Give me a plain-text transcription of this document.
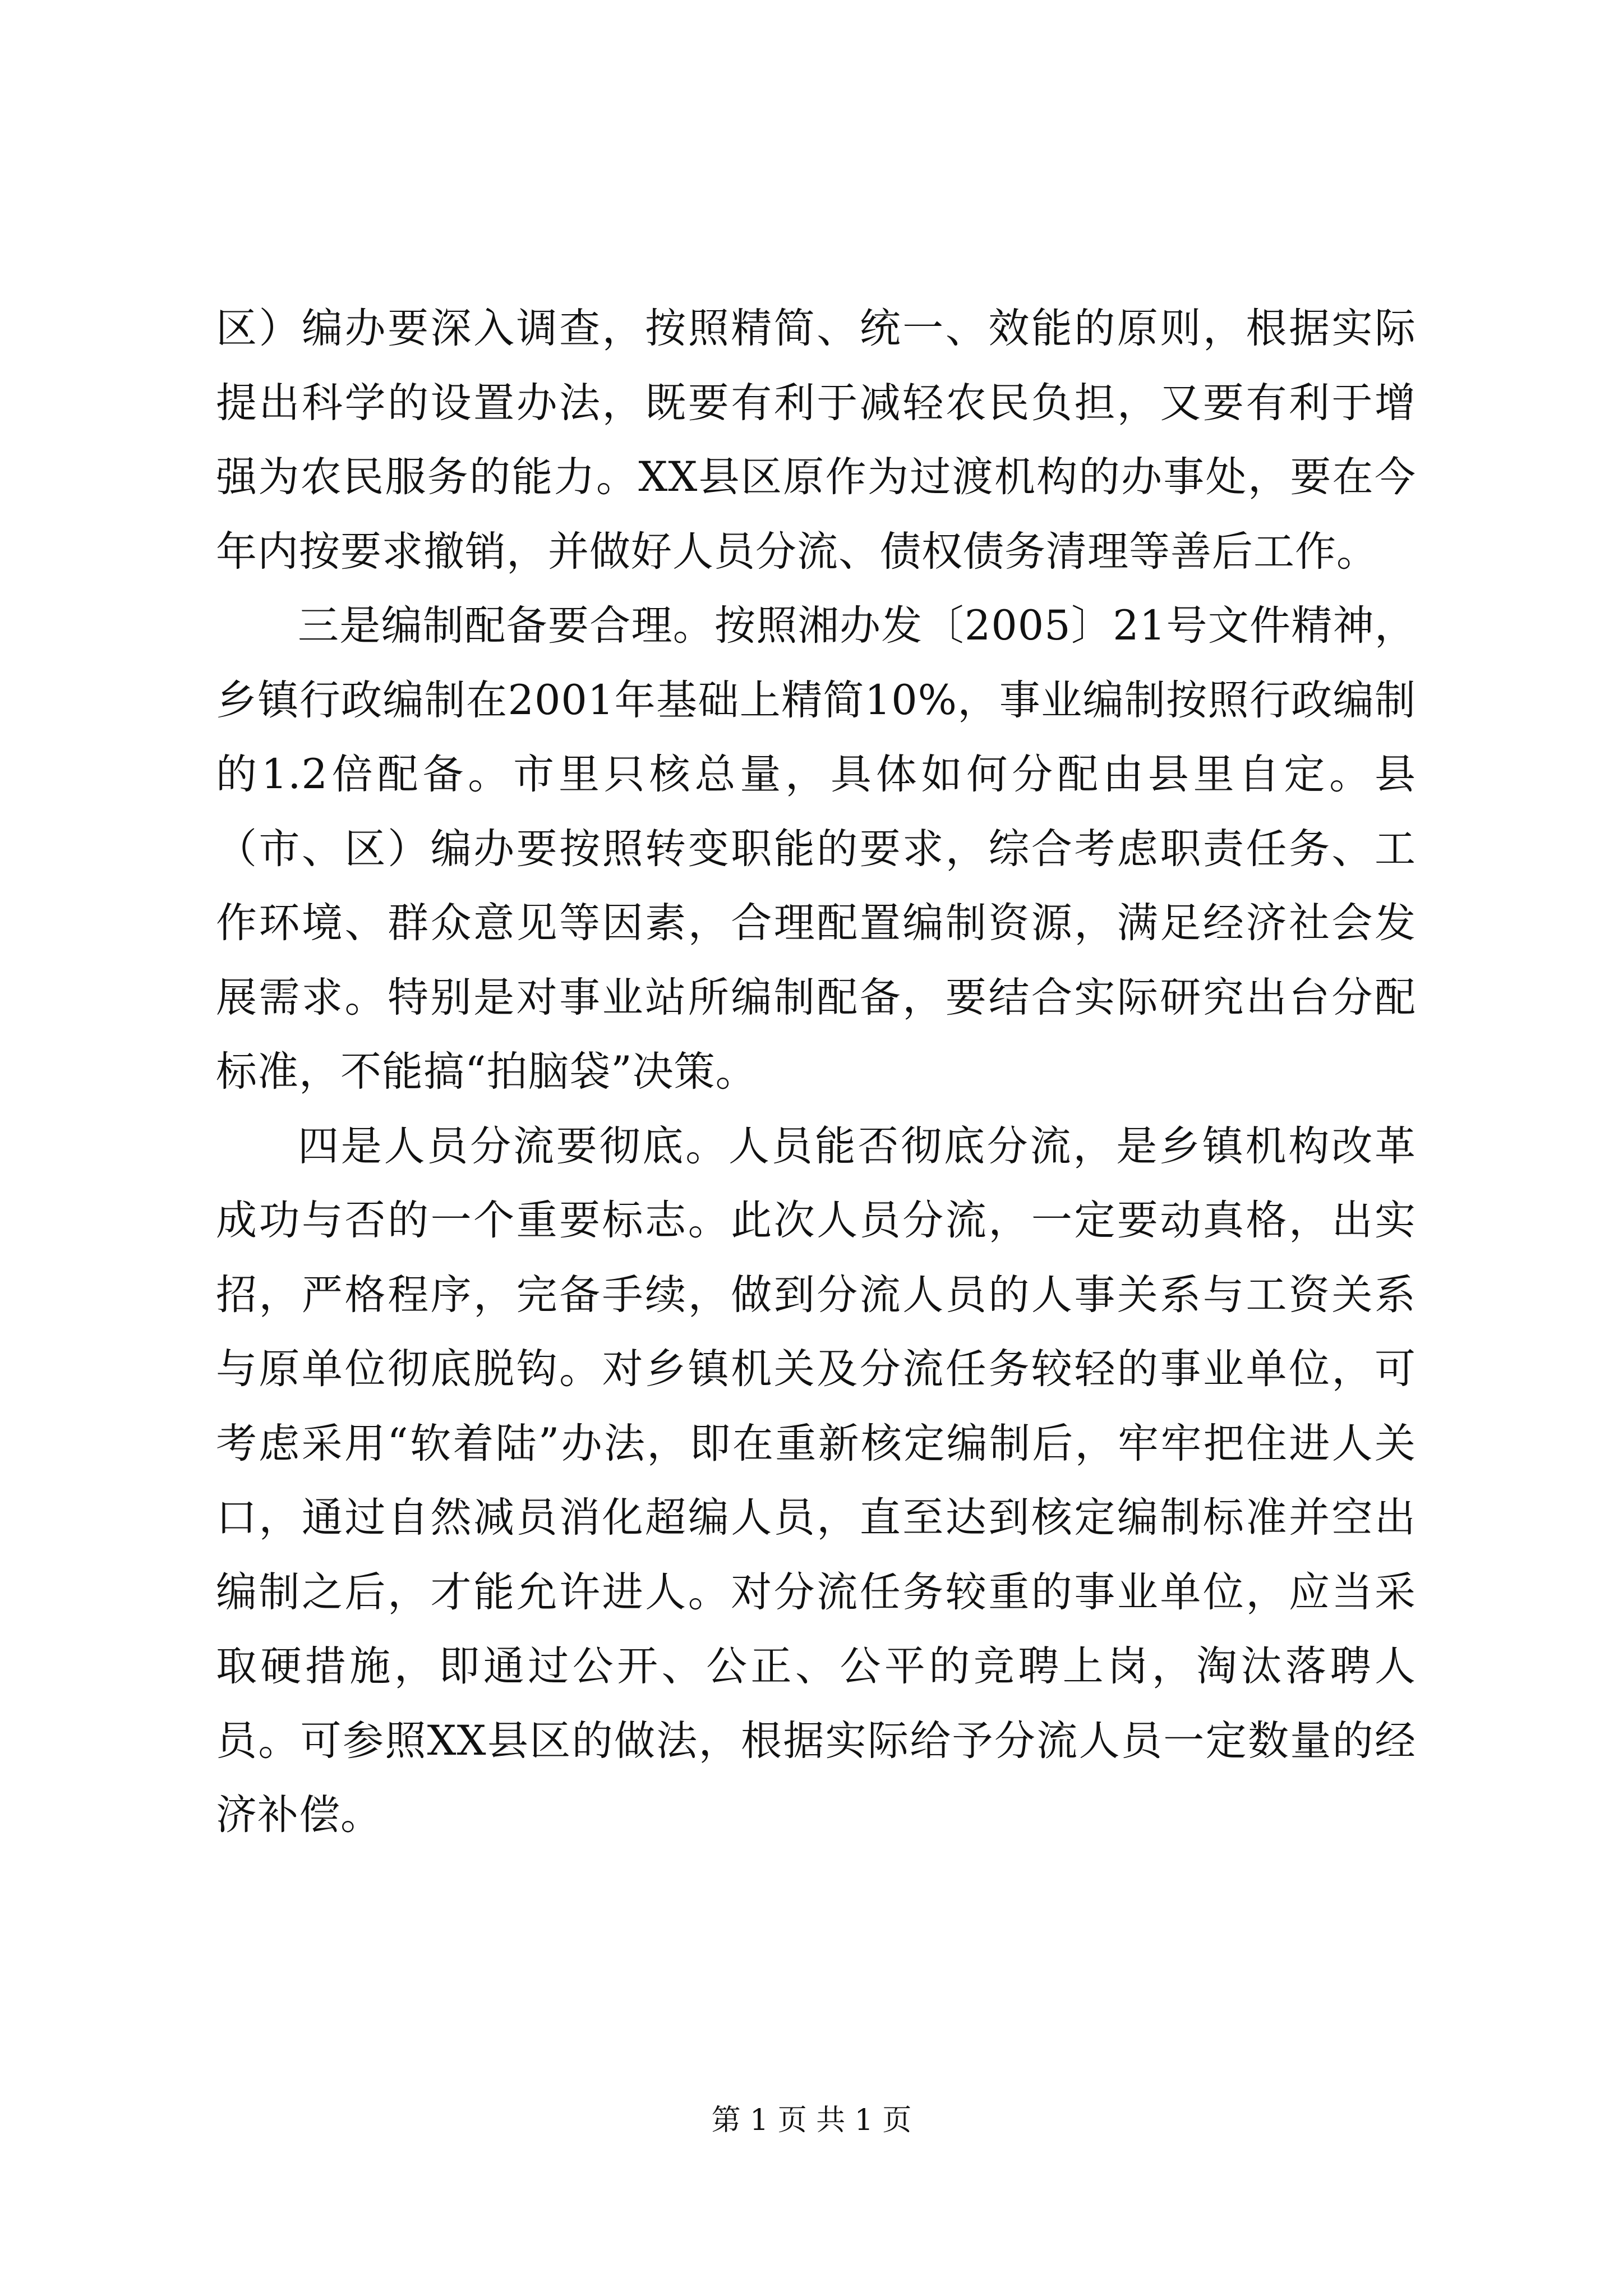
区）编办要深入调查，按照精简、统一、效能的原则，根据实际提出科学的设置办法，既要有利于减轻农民负担，又要有利于增强为农民服务的能力。XX县区原作为过渡机构的办事处，要在今年内按要求撤销，并做好人员分流、债权债务清理等善后工作。

三是编制配备要合理。按照湘办发〔2005〕21号文件精神，乡镇行政编制在2001年基础上精简10%，事业编制按照行政编制的1.2倍配备。市里只核总量，具体如何分配由县里自定。县（市、区）编办要按照转变职能的要求，综合考虑职责任务、工作环境、群众意见等因素，合理配置编制资源，满足经济社会发展需求。特别是对事业站所编制配备，要结合实际研究出台分配标准，不能搞“拍脑袋”决策。

四是人员分流要彻底。人员能否彻底分流，是乡镇机构改革成功与否的一个重要标志。此次人员分流，一定要动真格，出实招，严格程序，完备手续，做到分流人员的人事关系与工资关系与原单位彻底脱钩。对乡镇机关及分流任务较轻的事业单位，可考虑采用“软着陆”办法，即在重新核定编制后，牢牢把住进人关口，通过自然减员消化超编人员，直至达到核定编制标准并空出编制之后，才能允许进人。对分流任务较重的事业单位，应当采取硬措施，即通过公开、公正、公平的竞聘上岗，淘汰落聘人员。可参照XX县区的做法，根据实际给予分流人员一定数量的经济补偿。

第 1 页 共 1 页
